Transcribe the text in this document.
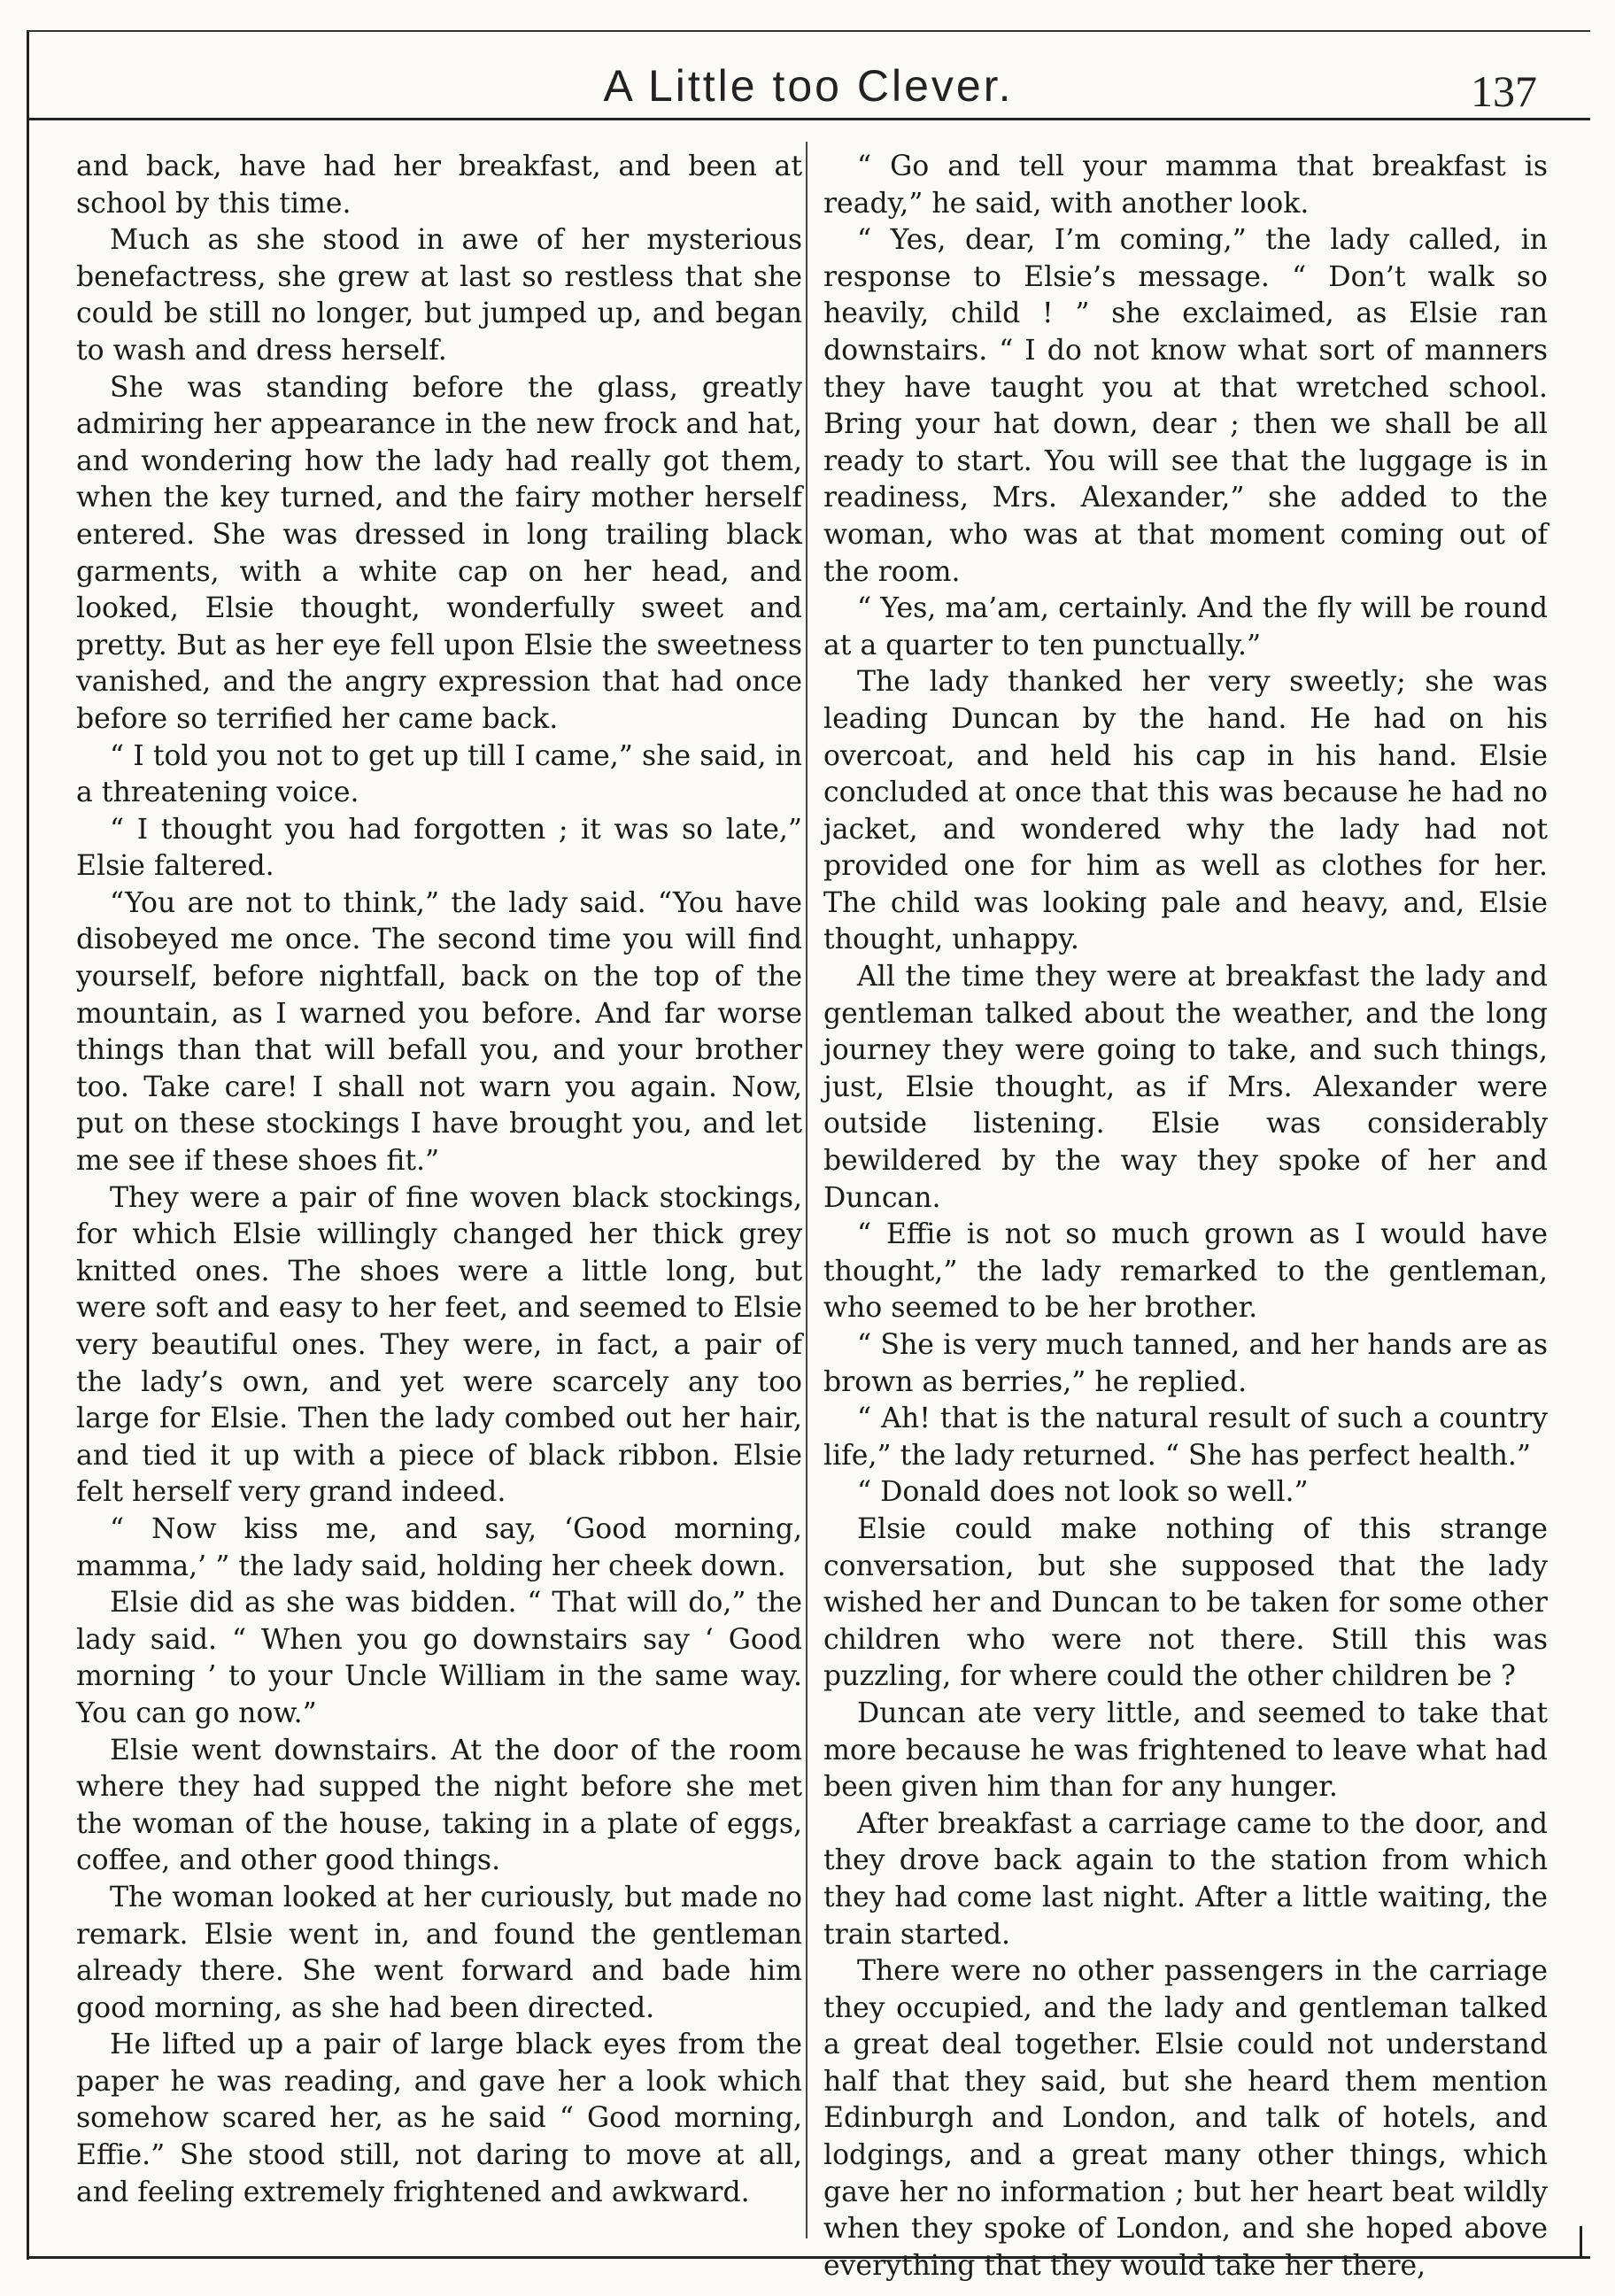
A Little too Clever.	137

and back, have had her breakfast, and been at school by this time.

Much as she stood in awe of her mysterious benefactress, she grew at last so restless that she could be still no longer, but jumped up, and began to wash and dress herself.

She was standing before the glass, greatly admiring her appearance in the new frock and hat, and wondering how the lady had really got them, when the key turned, and the fairy mother herself entered. She was dressed in long trailing black garments, with a white cap on her head, and looked, Elsie thought, wonderfully sweet and pretty. But as her eye fell upon Elsie the sweetness vanished, and the angry expression that had once before so terrified her came back.

“ I told you not to get up till I came,” she said, in a threatening voice.

“ I thought you had forgotten ; it was so late,” Elsie faltered.

“You are not to think,” the lady said. “You have disobeyed me once. The second time you will find yourself, before nightfall, back on the top of the mountain, as I warned you before. And far worse things than that will befall you, and your brother too. Take care! I shall not warn you again. Now, put on these stockings I have brought you, and let me see if these shoes fit.”

They were a pair of fine woven black stockings, for which Elsie willingly changed her thick grey knitted ones. The shoes were a little long, but were soft and easy to her feet, and seemed to Elsie very beautiful ones. They were, in fact, a pair of the lady’s own, and yet were scarcely any too large for Elsie. Then the lady combed out her hair, and tied it up with a piece of black ribbon. Elsie felt herself very grand indeed.

“ Now kiss me, and say, ‘Good morning, mamma,’ ” the lady said, holding her cheek down.

Elsie did as she was bidden. “ That will do,” the lady said. “ When you go downstairs say ‘ Good morning ’ to your Uncle William in the same way. You can go now.”

Elsie went downstairs. At the door of the room where they had supped the night before she met the woman of the house, taking in a plate of eggs, coffee, and other good things.

The woman looked at her curiously, but made no remark. Elsie went in, and found the gentleman already there. She went forward and bade him good morning, as she had been directed.

He lifted up a pair of large black eyes from the paper he was reading, and gave her a look which somehow scared her, as he said “ Good morning, Effie.” She stood still, not daring to move at all, and feeling extremely frightened and awkward.

“ Go and tell your mamma that breakfast is ready,” he said, with another look.

“ Yes, dear, I’m coming,” the lady called, in response to Elsie’s message. “ Don’t walk so heavily, child ! ” she exclaimed, as Elsie ran downstairs. “ I do not know what sort of manners they have taught you at that wretched school. Bring your hat down, dear ; then we shall be all ready to start. You will see that the luggage is in readiness, Mrs. Alexander,” she added to the woman, who was at that moment coming out of the room.

“ Yes, ma’am, certainly. And the fly will be round at a quarter to ten punctually.”

The lady thanked her very sweetly; she was leading Duncan by the hand. He had on his overcoat, and held his cap in his hand. Elsie concluded at once that this was because he had no jacket, and wondered why the lady had not provided one for him as well as clothes for her. The child was looking pale and heavy, and, Elsie thought, unhappy.

All the time they were at breakfast the lady and gentleman talked about the weather, and the long journey they were going to take, and such things, just, Elsie thought, as if Mrs. Alexander were outside listening. Elsie was considerably bewildered by the way they spoke of her and Duncan.

“ Effie is not so much grown as I would have thought,” the lady remarked to the gentleman, who seemed to be her brother.

“ She is very much tanned, and her hands are as brown as berries,” he replied.

“ Ah! that is the natural result of such a country life,” the lady returned. “ She has perfect health.”

“ Donald does not look so well.”

Elsie could make nothing of this strange conversation, but she supposed that the lady wished her and Duncan to be taken for some other children who were not there. Still this was puzzling, for where could the other children be ?

Duncan ate very little, and seemed to take that more because he was frightened to leave what had been given him than for any hunger.

After breakfast a carriage came to the door, and they drove back again to the station from which they had come last night. After a little waiting, the train started.

There were no other passengers in the carriage they occupied, and the lady and gentleman talked a great deal together. Elsie could not understand half that they said, but she heard them mention Edinburgh and London, and talk of hotels, and lodgings, and a great many other things, which gave her no information ; but her heart beat wildly when they spoke of London, and she hoped above everything that they would take her there,
